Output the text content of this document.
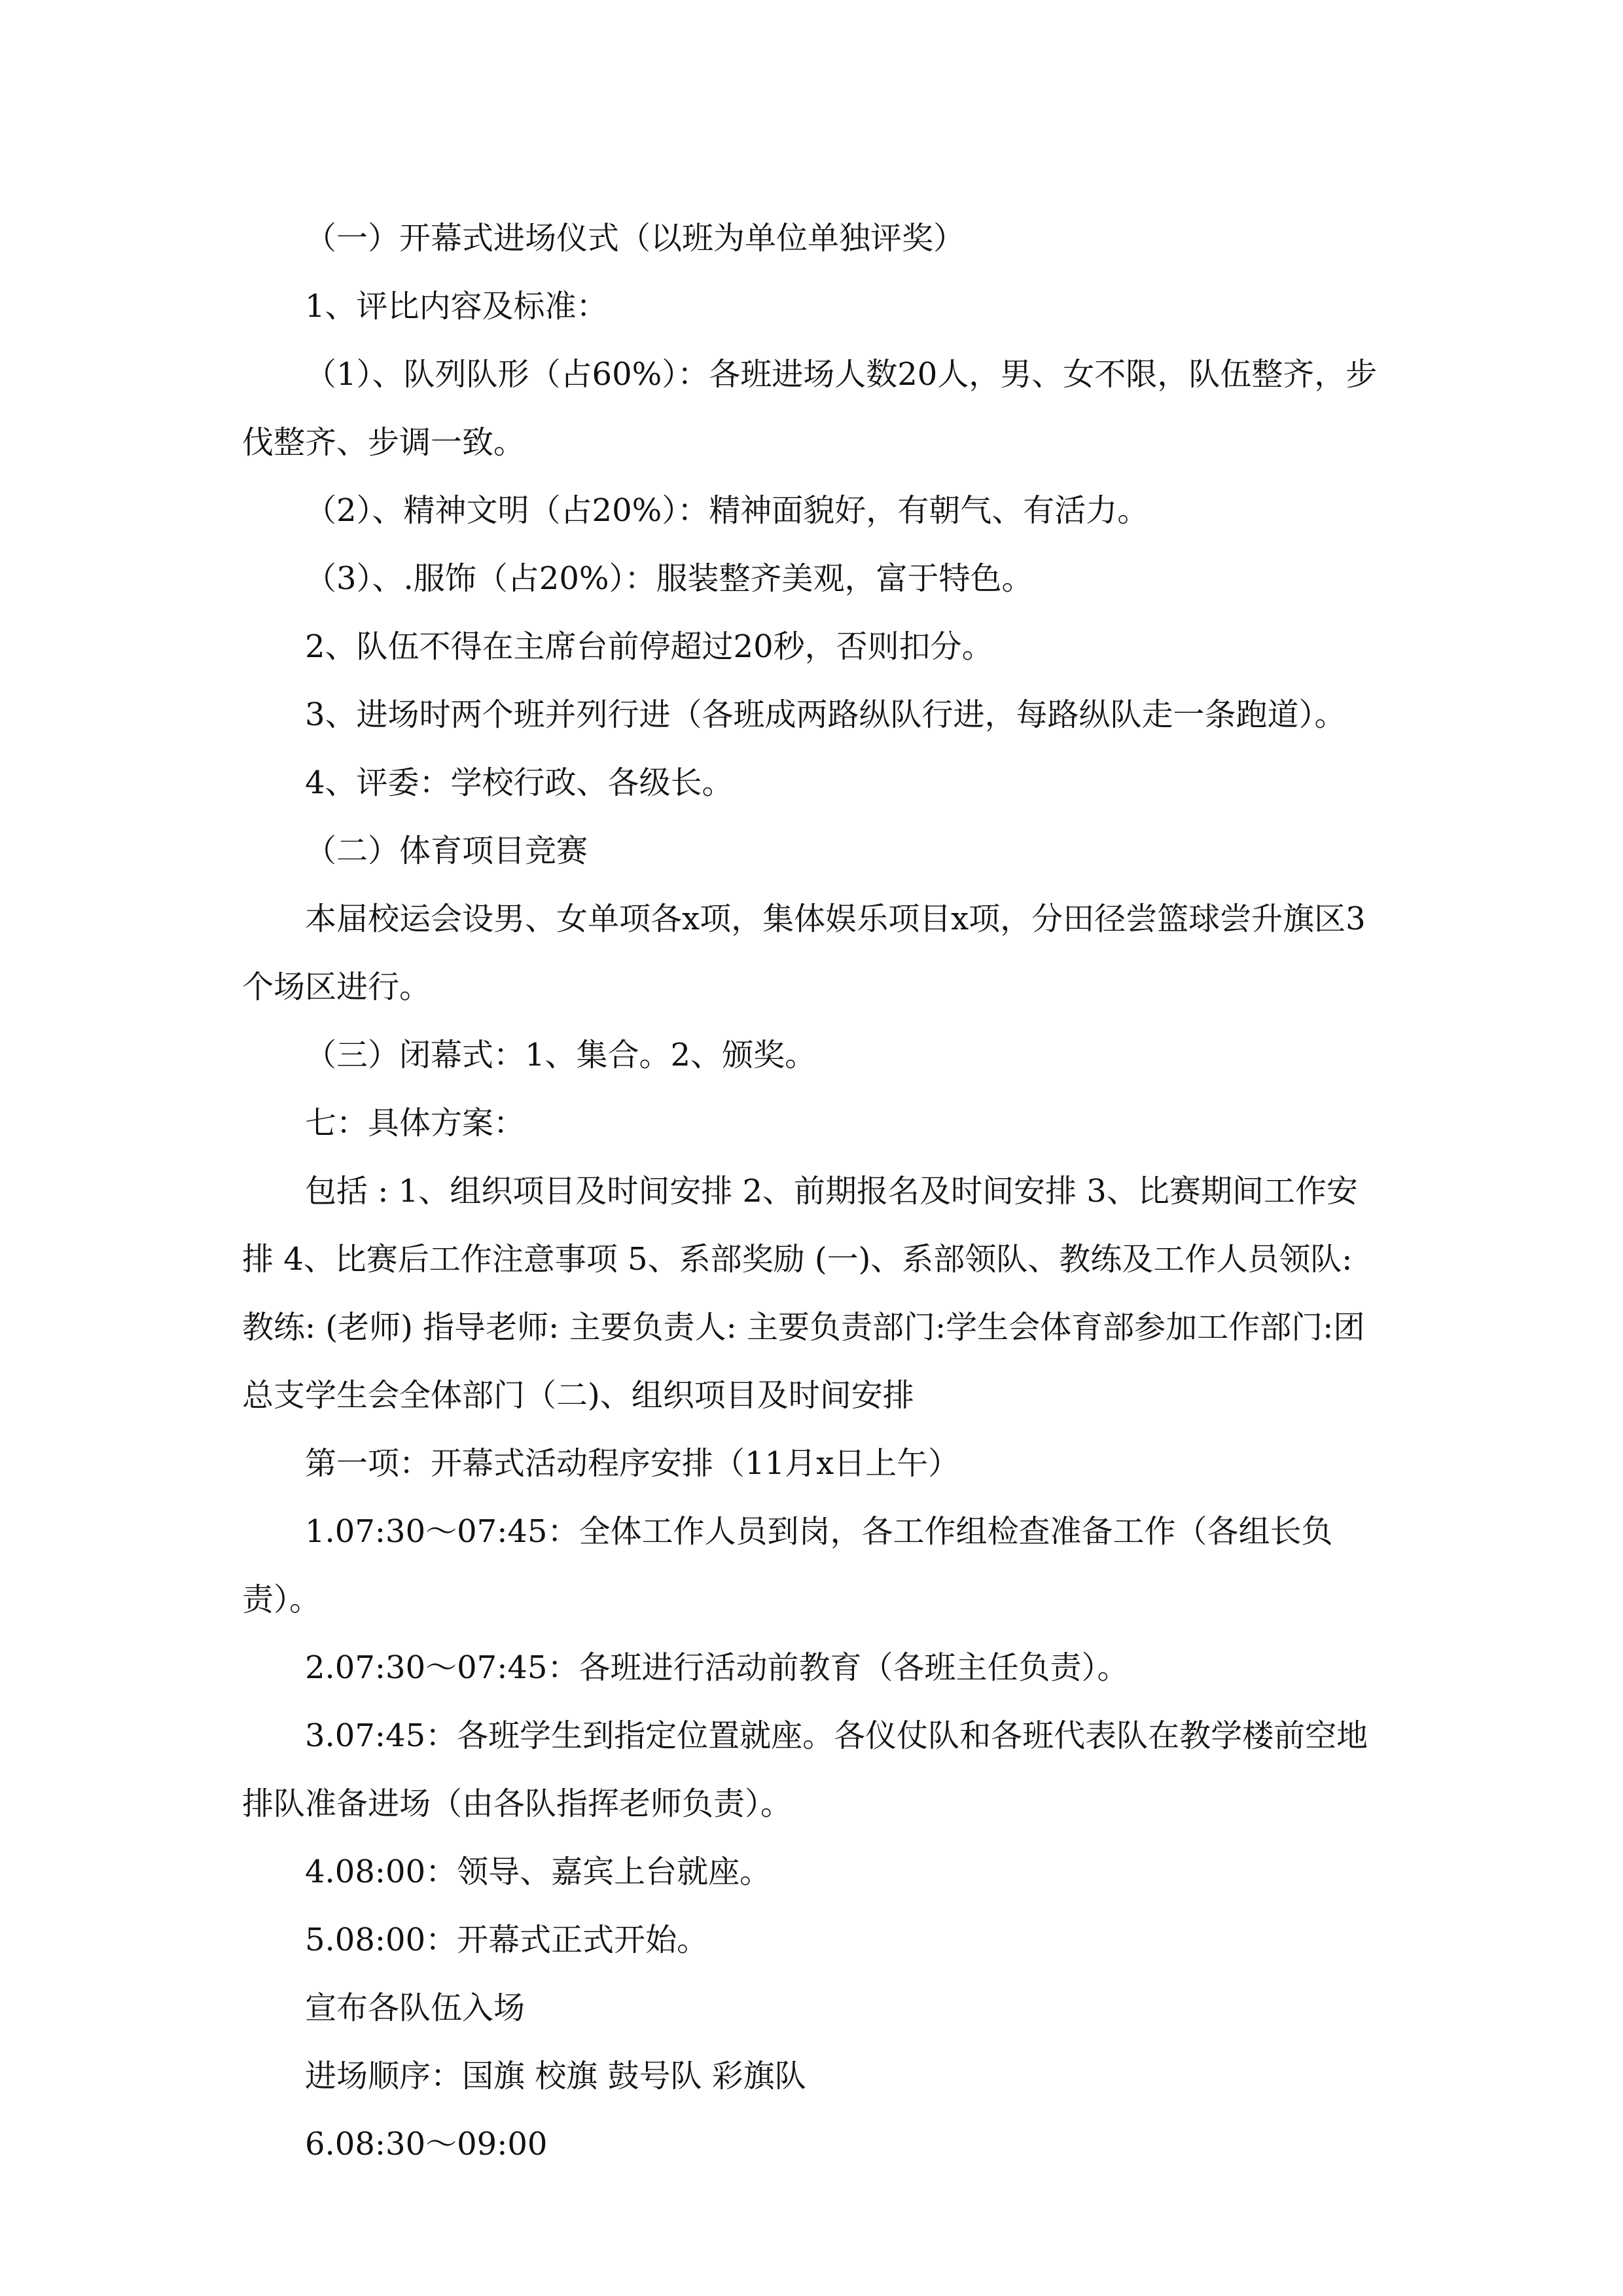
（一）开幕式进场仪式（以班为单位单独评奖）

1、评比内容及标准：

（1）、队列队形（占60%）：各班进场人数20人，男、女不限，队伍整齐，步伐整齐、步调一致。

（2）、精神文明（占20%）：精神面貌好，有朝气、有活力。

（3）、.服饰（占20%）：服装整齐美观，富于特色。

2、队伍不得在主席台前停超过20秒，否则扣分。

3、进场时两个班并列行进（各班成两路纵队行进，每路纵队走一条跑道）。

4、评委：学校行政、各级长。

（二）体育项目竞赛

本届校运会设男、女单项各x项，集体娱乐项目x项，分田径尝篮球尝升旗区3个场区进行。

（三）闭幕式：1、集合。2、颁奖。

七：具体方案：

包括 : 1、组织项目及时间安排 2、前期报名及时间安排 3、比赛期间工作安排 4、比赛后工作注意事项 5、系部奖励 (一)、系部领队、教练及工作人员领队: 教练: (老师) 指导老师: 主要负责人: 主要负责部门:学生会体育部参加工作部门:团总支学生会全体部门（二)、组织项目及时间安排

第一项：开幕式活动程序安排（11月x日上午）

1.07:30～07:45：全体工作人员到岗，各工作组检查准备工作（各组长负责）。

2.07:30～07:45：各班进行活动前教育（各班主任负责）。

3.07:45：各班学生到指定位置就座。各仪仗队和各班代表队在教学楼前空地排队准备进场（由各队指挥老师负责）。

4.08:00：领导、嘉宾上台就座。

5.08:00：开幕式正式开始。

宣布各队伍入场

进场顺序：国旗 校旗 鼓号队 彩旗队

6.08:30～09:00
